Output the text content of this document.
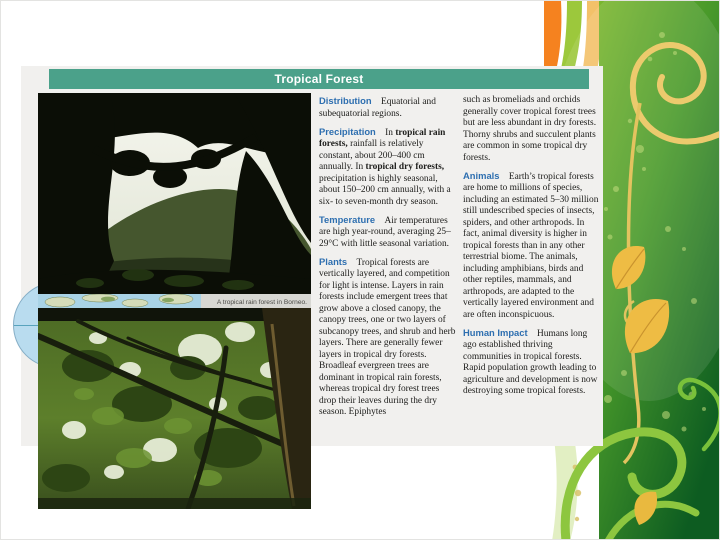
Tropical Forest
A tropical rain forest in Borneo.

Distribution   Equatorial and subequatorial regions.

Precipitation   In tropical rain forests, rainfall is relatively constant, about 200–400 cm annually. In tropical dry forests, precipitation is highly seasonal, about 150–200 cm annually, with a six- to seven-month dry season.

Temperature   Air temperatures are high year-round, averaging 25–29°C with little seasonal variation.

Plants   Tropical forests are vertically layered, and competition for light is intense. Layers in rain forests include emergent trees that grow above a closed canopy, the canopy trees, one or two layers of subcanopy trees, and shrub and herb layers. There are generally fewer layers in tropical dry forests. Broadleaf evergreen trees are dominant in tropical rain forests, whereas tropical dry forest trees drop their leaves during the dry season. Epiphytes

such as bromeliads and orchids generally cover tropical forest trees but are less abundant in dry forests. Thorny shrubs and succulent plants are common in some tropical dry forests.

Animals   Earth’s tropical forests are home to millions of species, including an estimated 5–30 million still undescribed species of insects, spiders, and other arthropods. In fact, animal diversity is higher in tropical forests than in any other terrestrial biome. The animals, including amphibians, birds and other reptiles, mammals, and arthropods, are adapted to the vertically layered environment and are often inconspicuous.

Human Impact   Humans long ago established thriving communities in tropical forests. Rapid population growth leading to agriculture and development is now destroying some tropical forests.
